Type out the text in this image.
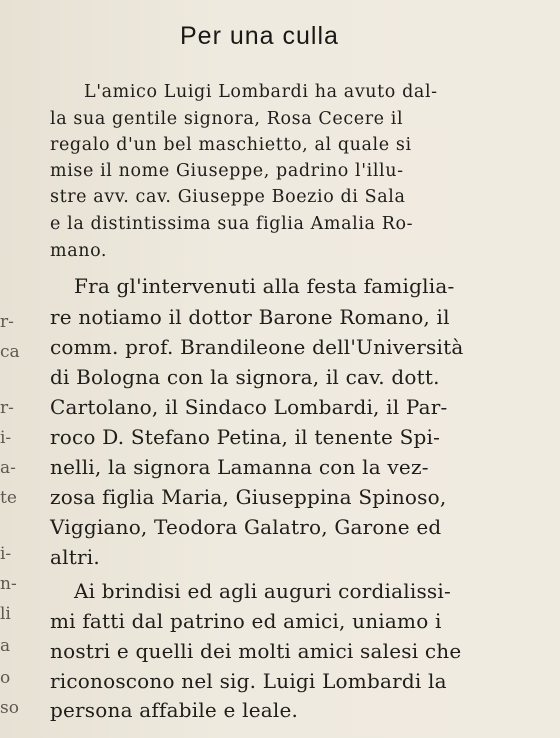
r-
ca
r-
i-
a-
te
i-
n-
li
a
o
so
Per una culla
L'amico Luigi Lombardi ha avuto dal-
la sua gentile signora, Rosa Cecere il
regalo d'un bel maschietto, al quale si
mise il nome Giuseppe, padrino l'illu-
stre avv. cav. Giuseppe Boezio di Sala
e la distintissima sua figlia Amalia Ro-
mano.
Fra gl'intervenuti alla festa famiglia-
re notiamo il dottor Barone Romano, il
comm. prof. Brandileone dell'Università
di Bologna con la signora, il cav. dott.
Cartolano, il Sindaco Lombardi, il Par-
roco D. Stefano Petina, il tenente Spi-
nelli, la signora Lamanna con la vez-
zosa figlia Maria, Giuseppina Spinoso,
Viggiano, Teodora Galatro, Garone ed
altri.
Ai brindisi ed agli auguri cordialissi-
mi fatti dal patrino ed amici, uniamo i
nostri e quelli dei molti amici salesi che
riconoscono nel sig. Luigi Lombardi la
persona affabile e leale.
